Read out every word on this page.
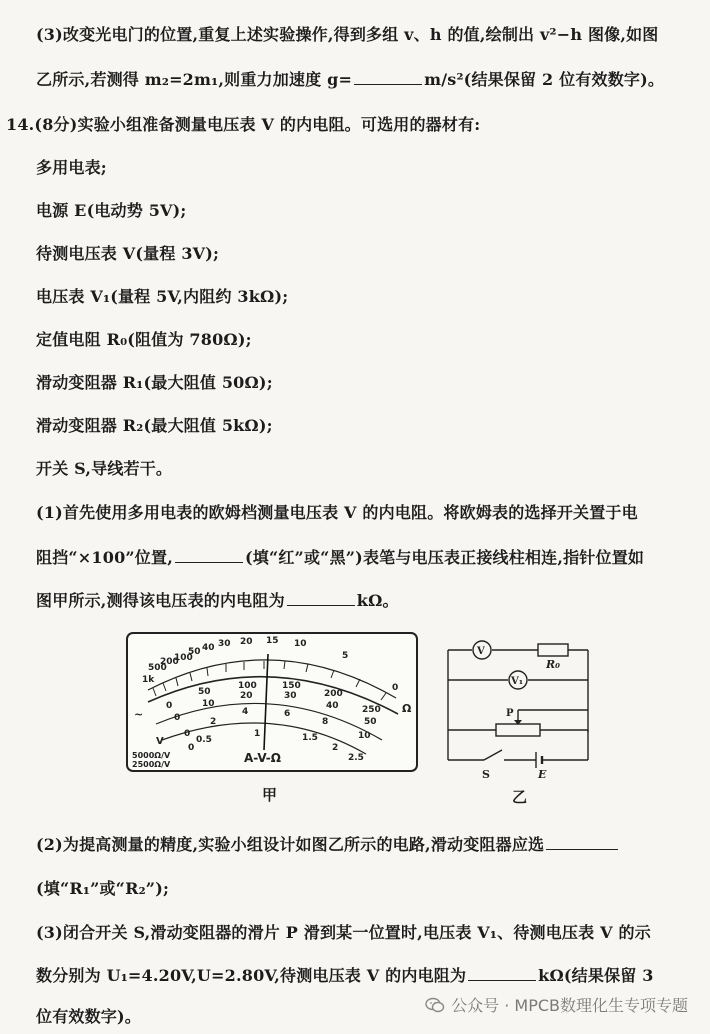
(3)改变光电门的位置,重复上述实验操作,得到多组 v、h 的值,绘制出 v²−h 图像,如图
乙所示,若测得 m₂=2m₁,则重力加速度 g=	m/s²(结果保留 2 位有效数字)。
14.(8分)实验小组准备测量电压表 V 的内电阻。可选用的器材有:
多用电表;
电源 E(电动势 5V);
待测电压表 V(量程 3V);
电压表 V₁(量程 5V,内阻约 3kΩ);
定值电阻 R₀(阻值为 780Ω);
滑动变阻器 R₁(最大阻值 50Ω);
滑动变阻器 R₂(最大阻值 5kΩ);
开关 S,导线若干。
(1)首先使用多用电表的欧姆档测量电压表 V 的内电阻。将欧姆表的选择开关置于电
阻挡“×100”位置,	(填“红”或“黑”)表笔与电压表正接线柱相连,指针位置如
图甲所示,测得该电压表的内电阻为	kΩ。
1k
500
200
100
50 40 30 20 15 10
5
0
Ω
0
50
100	150
200
250
0
10
20	30
40
50
0
2
4	6
8
10
0
0.5
1	1.5
2
2.5
~
V
A-V-Ω
5000Ω/V
2500Ω/V
甲
V
V₁
R₀
P
S	E
乙
(2)为提高测量的精度,实验小组设计如图乙所示的电路,滑动变阻器应选
(填“R₁”或“R₂”);
(3)闭合开关 S,滑动变阻器的滑片 P 滑到某一位置时,电压表 V₁、待测电压表 V 的示
数分别为 U₁=4.20V,U=2.80V,待测电压表 V 的内电阻为	kΩ(结果保留 3
位有效数字)。
公众号 · MPCB数理化生专项专题
